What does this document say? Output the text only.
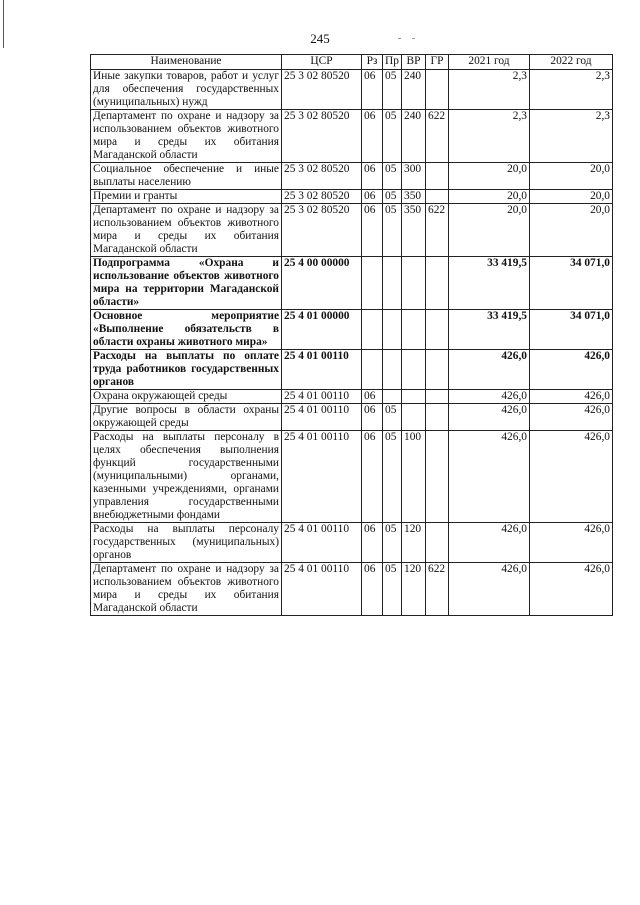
245
Наименование	ЦСР	Рз	Пр	ВР	ГР	2021 год	2022 год
Иные закупки товаров, работ и услуг для обеспечения государственных (муниципальных) нужд	25 3 02 80520	06	05	240		2,3	2,3
Департамент по охране и надзору за использованием объектов животного мира и среды их обитания Магаданской области	25 3 02 80520	06	05	240	622	2,3	2,3
Социальное обеспечение и иные выплаты населению	25 3 02 80520	06	05	300		20,0	20,0
Премии и гранты	25 3 02 80520	06	05	350		20,0	20,0
Департамент по охране и надзору за использованием объектов животного мира и среды их обитания Магаданской области	25 3 02 80520	06	05	350	622	20,0	20,0
Подпрограмма «Охрана и использование объектов животного мира на территории Магаданской области»	25 4 00 00000					33 419,5	34 071,0
Основное мероприятие «Выполнение обязательств в области охраны животного мира»	25 4 01 00000					33 419,5	34 071,0
Расходы на выплаты по оплате труда работников государственных органов	25 4 01 00110					426,0	426,0
Охрана окружающей среды	25 4 01 00110	06				426,0	426,0
Другие вопросы в области охраны окружающей среды	25 4 01 00110	06	05			426,0	426,0
Расходы на выплаты персоналу в целях обеспечения выполнения функций государственными (муниципальными) органами, казенными учреждениями, органами управления государственными внебюджетными фондами	25 4 01 00110	06	05	100		426,0	426,0
Расходы на выплаты персоналу государственных (муниципальных) органов	25 4 01 00110	06	05	120		426,0	426,0
Департамент по охране и надзору за использованием объектов животного мира и среды их обитания Магаданской области	25 4 01 00110	06	05	120	622	426,0	426,0
